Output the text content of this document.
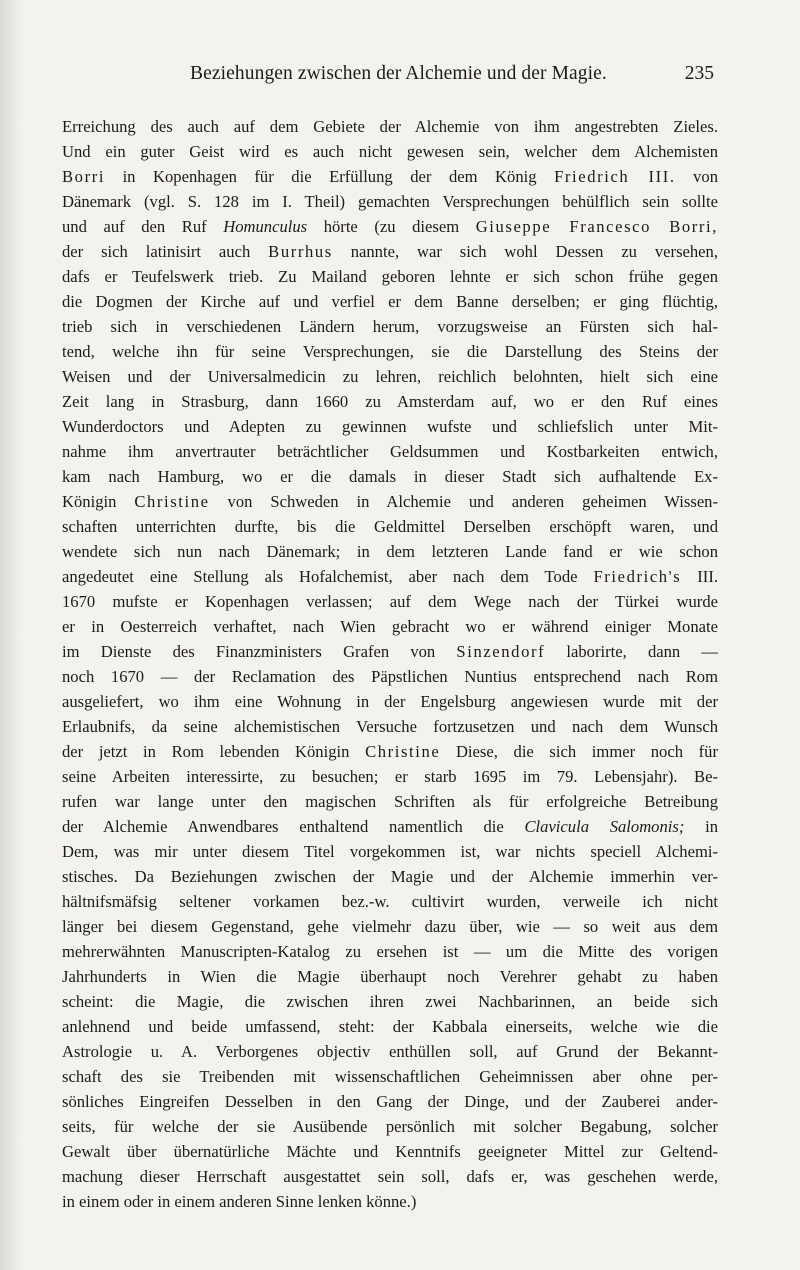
Beziehungen zwischen der Alchemie und der Magie.	235
Erreichung des auch auf dem Gebiete der Alchemie von ihm angestrebten Zieles.
Und ein guter Geist wird es auch nicht gewesen sein, welcher dem Alchemisten
Borri in Kopenhagen für die Erfüllung der dem König Friedrich III. von
Dänemark (vgl. S. 128 im I. Theil) gemachten Versprechungen behülflich sein sollte
und auf den Ruf Homunculus hörte (zu diesem Giuseppe Francesco Borri,
der sich latinisirt auch Burrhus nannte, war sich wohl Dessen zu versehen,
dafs er Teufelswerk trieb. Zu Mailand geboren lehnte er sich schon frühe gegen
die Dogmen der Kirche auf und verfiel er dem Banne derselben; er ging flüchtig,
trieb sich in verschiedenen Ländern herum, vorzugsweise an Fürsten sich hal-
tend, welche ihn für seine Versprechungen, sie die Darstellung des Steins der
Weisen und der Universalmedicin zu lehren, reichlich belohnten, hielt sich eine
Zeit lang in Strasburg, dann 1660 zu Amsterdam auf, wo er den Ruf eines
Wunderdoctors und Adepten zu gewinnen wufste und schliefslich unter Mit-
nahme ihm anvertrauter beträchtlicher Geldsummen und Kostbarkeiten entwich,
kam nach Hamburg, wo er die damals in dieser Stadt sich aufhaltende Ex-
Königin Christine von Schweden in Alchemie und anderen geheimen Wissen-
schaften unterrichten durfte, bis die Geldmittel Derselben erschöpft waren, und
wendete sich nun nach Dänemark; in dem letzteren Lande fand er wie schon
angedeutet eine Stellung als Hofalchemist, aber nach dem Tode Friedrich's III.
1670 mufste er Kopenhagen verlassen; auf dem Wege nach der Türkei wurde
er in Oesterreich verhaftet, nach Wien gebracht wo er während einiger Monate
im Dienste des Finanzministers Grafen von Sinzendorf laborirte, dann —
noch 1670 — der Reclamation des Päpstlichen Nuntius entsprechend nach Rom
ausgeliefert, wo ihm eine Wohnung in der Engelsburg angewiesen wurde mit der
Erlaubnifs, da seine alchemistischen Versuche fortzusetzen und nach dem Wunsch
der jetzt in Rom lebenden Königin Christine Diese, die sich immer noch für
seine Arbeiten interessirte, zu besuchen; er starb 1695 im 79. Lebensjahr). Be-
rufen war lange unter den magischen Schriften als für erfolgreiche Betreibung
der Alchemie Anwendbares enthaltend namentlich die Clavicula Salomonis; in
Dem, was mir unter diesem Titel vorgekommen ist, war nichts speciell Alchemi-
stisches. Da Beziehungen zwischen der Magie und der Alchemie immerhin ver-
hältnifsmäfsig seltener vorkamen bez.-w. cultivirt wurden, verweile ich nicht
länger bei diesem Gegenstand, gehe vielmehr dazu über, wie — so weit aus dem
mehrerwähnten Manuscripten-Katalog zu ersehen ist — um die Mitte des vorigen
Jahrhunderts in Wien die Magie überhaupt noch Verehrer gehabt zu haben
scheint: die Magie, die zwischen ihren zwei Nachbarinnen, an beide sich
anlehnend und beide umfassend, steht: der Kabbala einerseits, welche wie die
Astrologie u. A. Verborgenes objectiv enthüllen soll, auf Grund der Bekannt-
schaft des sie Treibenden mit wissenschaftlichen Geheimnissen aber ohne per-
sönliches Eingreifen Desselben in den Gang der Dinge, und der Zauberei ander-
seits, für welche der sie Ausübende persönlich mit solcher Begabung, solcher
Gewalt über übernatürliche Mächte und Kenntnifs geeigneter Mittel zur Geltend-
machung dieser Herrschaft ausgestattet sein soll, dafs er, was geschehen werde,
in einem oder in einem anderen Sinne lenken könne.)
